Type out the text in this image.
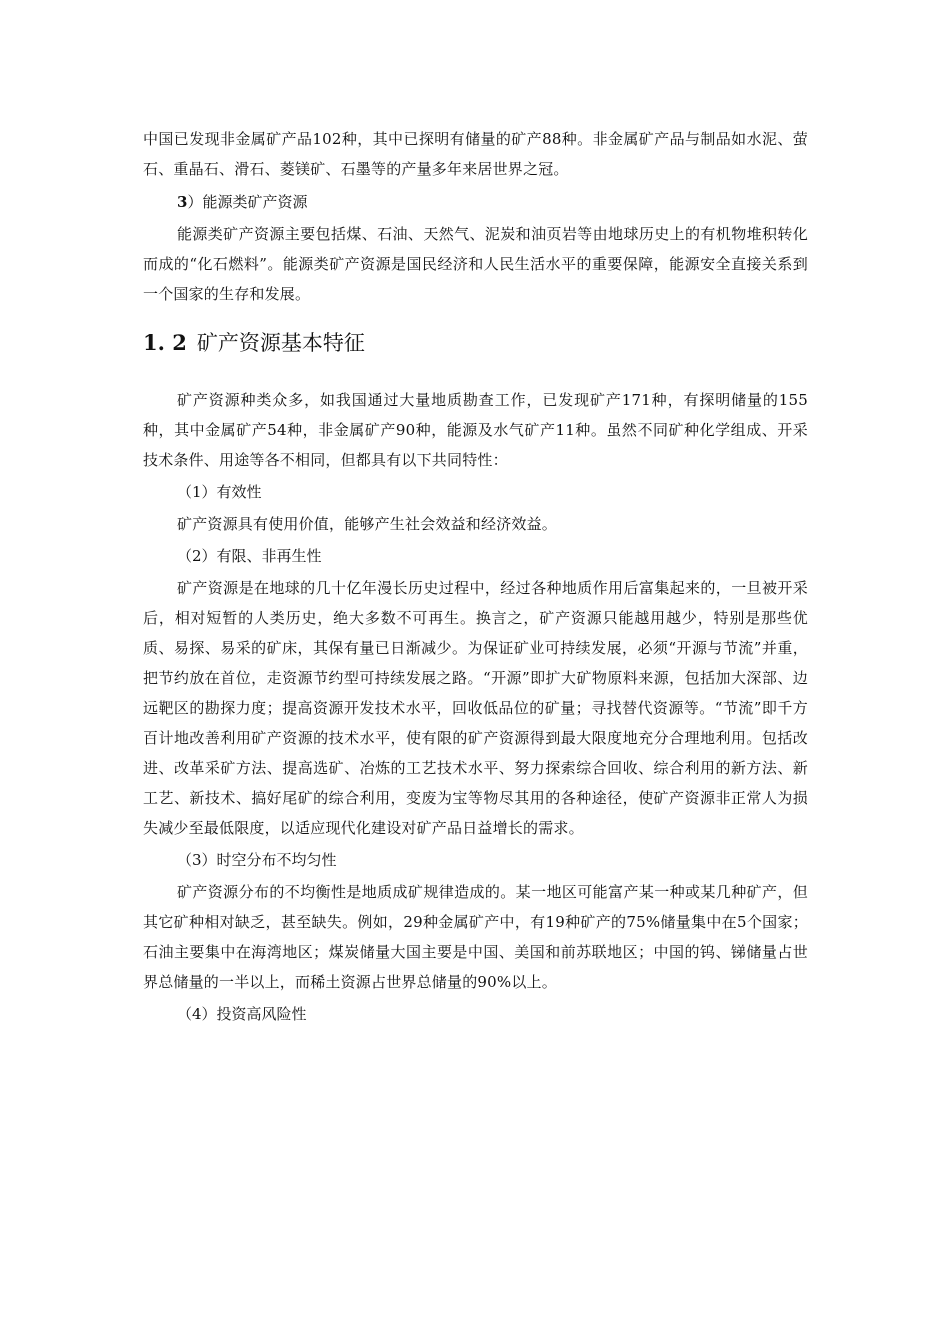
中国已发现非金属矿产品102种，其中已探明有储量的矿产88种。非金属矿产品与制品如水泥、萤石、重晶石、滑石、菱镁矿、石墨等的产量多年来居世界之冠。

3）能源类矿产资源

能源类矿产资源主要包括煤、石油、天然气、泥炭和油页岩等由地球历史上的有机物堆积转化而成的“化石燃料”。能源类矿产资源是国民经济和人民生活水平的重要保障，能源安全直接关系到一个国家的生存和发展。

1. 2 矿产资源基本特征

矿产资源种类众多，如我国通过大量地质勘查工作，已发现矿产171种，有探明储量的155种，其中金属矿产54种，非金属矿产90种，能源及水气矿产11种。虽然不同矿种化学组成、开采技术条件、用途等各不相同，但都具有以下共同特性：

（1）有效性

矿产资源具有使用价值，能够产生社会效益和经济效益。

（2）有限、非再生性

矿产资源是在地球的几十亿年漫长历史过程中，经过各种地质作用后富集起来的，一旦被开采后，相对短暂的人类历史，绝大多数不可再生。换言之，矿产资源只能越用越少，特别是那些优质、易探、易采的矿床，其保有量已日渐减少。为保证矿业可持续发展，必须“开源与节流”并重，把节约放在首位，走资源节约型可持续发展之路。“开源”即扩大矿物原料来源，包括加大深部、边远靶区的勘探力度；提高资源开发技术水平，回收低品位的矿量；寻找替代资源等。“节流”即千方百计地改善利用矿产资源的技术水平，使有限的矿产资源得到最大限度地充分合理地利用。包括改进、改革采矿方法、提高选矿、冶炼的工艺技术水平、努力探索综合回收、综合利用的新方法、新工艺、新技术、搞好尾矿的综合利用，变废为宝等物尽其用的各种途径，使矿产资源非正常人为损失减少至最低限度，以适应现代化建设对矿产品日益增长的需求。

（3）时空分布不均匀性

矿产资源分布的不均衡性是地质成矿规律造成的。某一地区可能富产某一种或某几种矿产，但其它矿种相对缺乏，甚至缺失。例如，29种金属矿产中，有19种矿产的75%储量集中在5个国家；石油主要集中在海湾地区；煤炭储量大国主要是中国、美国和前苏联地区；中国的钨、锑储量占世界总储量的一半以上，而稀土资源占世界总储量的90%以上。

（4）投资高风险性
